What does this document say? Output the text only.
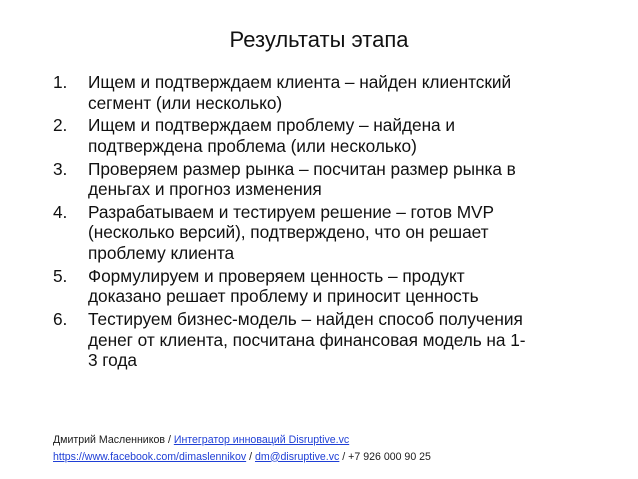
Результаты этапа
1.	Ищем и подтверждаем клиента – найден клиентский
сегмент (или несколько)
2.	Ищем и подтверждаем проблему – найдена и
подтверждена проблема (или несколько)
3.	Проверяем размер рынка – посчитан размер рынка в
деньгах и прогноз изменения
4.	Разрабатываем и тестируем решение – готов MVP
(несколько версий), подтверждено, что он решает
проблему клиента
5.	Формулируем и проверяем ценность – продукт
доказано решает проблему и приносит ценность
6.	Тестируем бизнес-модель – найден способ получения
денег от клиента, посчитана финансовая модель на 1-
3 года
Дмитрий Масленников / Интегратор инноваций Disruptive.vc
https://www.facebook.com/dimaslennikov / dm@disruptive.vc / +7 926 000 90 25
